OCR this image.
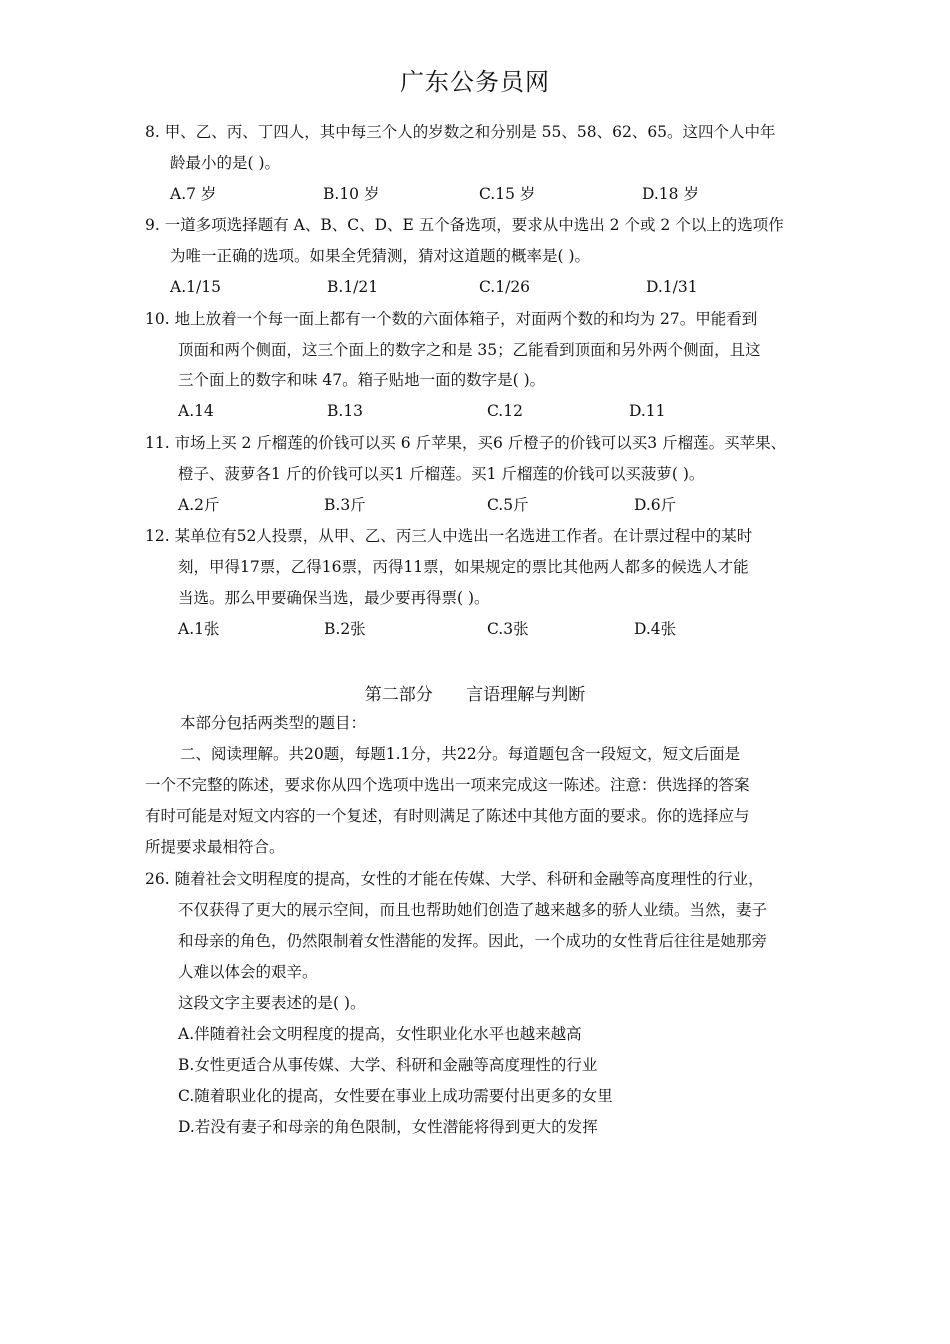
广东公务员网
8. 甲、乙、丙、丁四人，其中每三个人的岁数之和分别是 55、58、62、65。这四个人中年
龄最小的是( )。
A.7 岁	B.10 岁	C.15 岁	D.18 岁
9. 一道多项选择题有 A、B、C、D、E 五个备选项，要求从中选出 2 个或 2 个以上的选项作
为唯一正确的选项。如果全凭猜测，猜对这道题的概率是( )。
A.1/15	B.1/21	C.1/26	D.1/31
10. 地上放着一个每一面上都有一个数的六面体箱子，对面两个数的和均为 27。甲能看到
顶面和两个侧面，这三个面上的数字之和是 35；乙能看到顶面和另外两个侧面，且这
三个面上的数字和味 47。箱子贴地一面的数字是( )。
A.14	B.13	C.12	D.11
11. 市场上买 2 斤榴莲的价钱可以买 6 斤苹果，买6 斤橙子的价钱可以买3 斤榴莲。买苹果、
橙子、菠萝各1 斤的价钱可以买1 斤榴莲。买1 斤榴莲的价钱可以买菠萝( )。
A.2斤	B.3斤	C.5斤	D.6斤
12. 某单位有52人投票，从甲、乙、丙三人中选出一名选进工作者。在计票过程中的某时
刻，甲得17票，乙得16票，丙得11票，如果规定的票比其他两人都多的候选人才能
当选。那么甲要确保当选，最少要再得票( )。
A.1张	B.2张	C.3张	D.4张
第二部分 言语理解与判断
本部分包括两类型的题目：
二、阅读理解。共20题，每题1.1分，共22分。每道题包含一段短文，短文后面是
一个不完整的陈述，要求你从四个选项中选出一项来完成这一陈述。注意：供选择的答案
有时可能是对短文内容的一个复述，有时则满足了陈述中其他方面的要求。你的选择应与
所提要求最相符合。
26. 随着社会文明程度的提高，女性的才能在传媒、大学、科研和金融等高度理性的行业，
不仅获得了更大的展示空间，而且也帮助她们创造了越来越多的骄人业绩。当然，妻子
和母亲的角色，仍然限制着女性潜能的发挥。因此，一个成功的女性背后往往是她那旁
人难以体会的艰辛。
这段文字主要表述的是( )。
A.伴随着社会文明程度的提高，女性职业化水平也越来越高
B.女性更适合从事传媒、大学、科研和金融等高度理性的行业
C.随着职业化的提高，女性要在事业上成功需要付出更多的女里
D.若没有妻子和母亲的角色限制，女性潜能将得到更大的发挥
